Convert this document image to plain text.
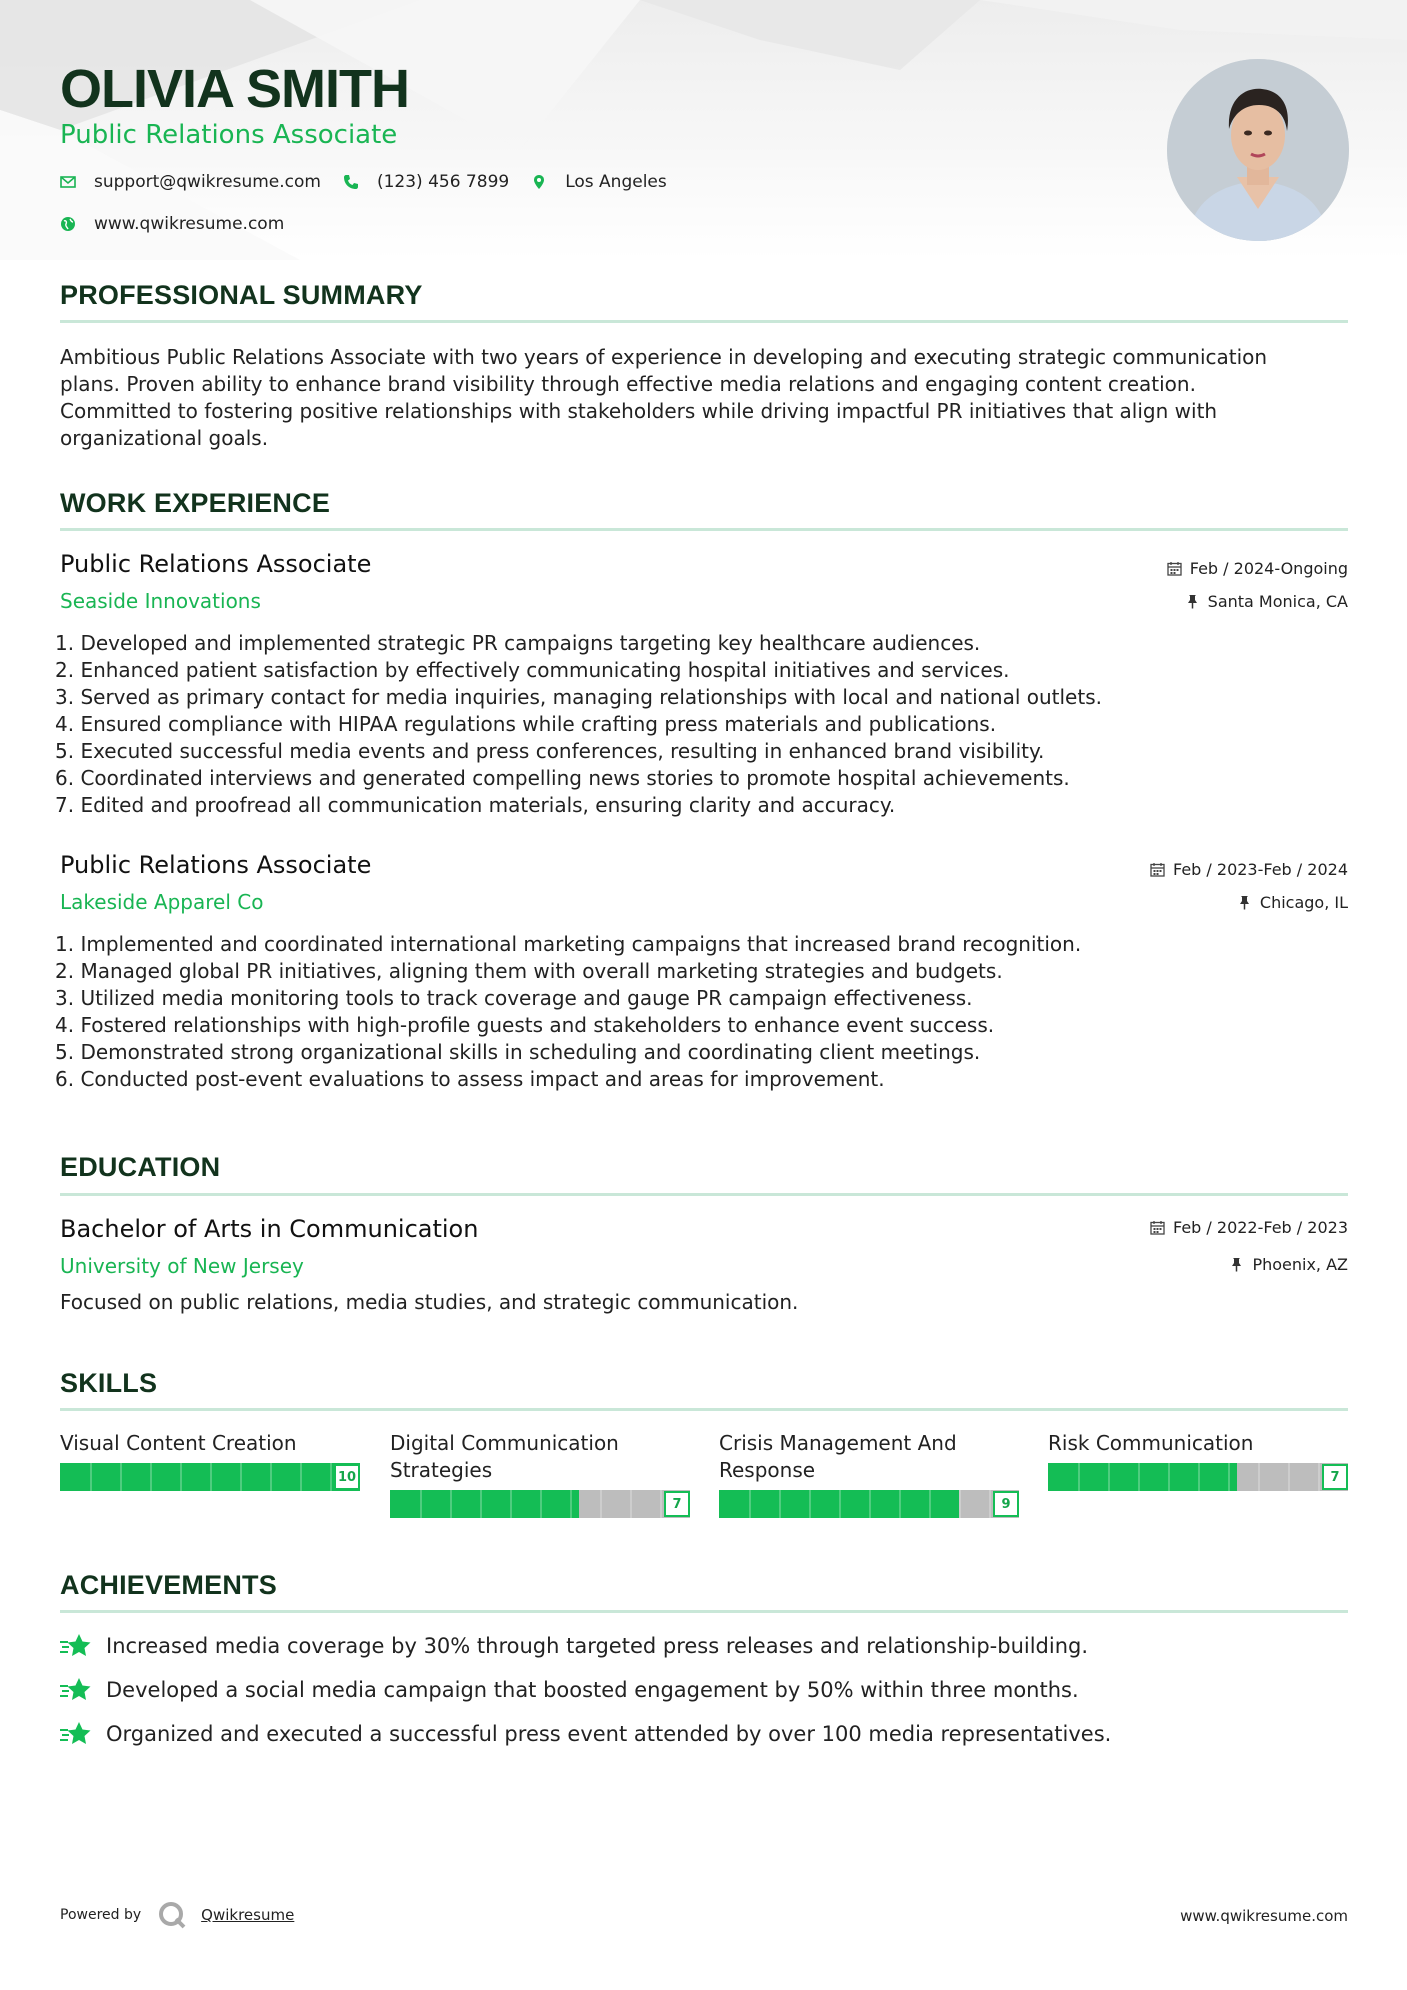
OLIVIA SMITH
Public Relations Associate
support@qwikresume.com	(123) 456 7899	Los Angeles
www.qwikresume.com
PROFESSIONAL SUMMARY
Ambitious Public Relations Associate with two years of experience in developing and executing strategic communication
plans. Proven ability to enhance brand visibility through effective media relations and engaging content creation.
Committed to fostering positive relationships with stakeholders while driving impactful PR initiatives that align with
organizational goals.
WORK EXPERIENCE
Public Relations Associate
Seaside Innovations
Feb / 2024-Ongoing
Santa Monica, CA
1. Developed and implemented strategic PR campaigns targeting key healthcare audiences.
2. Enhanced patient satisfaction by effectively communicating hospital initiatives and services.
3. Served as primary contact for media inquiries, managing relationships with local and national outlets.
4. Ensured compliance with HIPAA regulations while crafting press materials and publications.
5. Executed successful media events and press conferences, resulting in enhanced brand visibility.
6. Coordinated interviews and generated compelling news stories to promote hospital achievements.
7. Edited and proofread all communication materials, ensuring clarity and accuracy.
Public Relations Associate
Lakeside Apparel Co
Feb / 2023-Feb / 2024
Chicago, IL
1. Implemented and coordinated international marketing campaigns that increased brand recognition.
2. Managed global PR initiatives, aligning them with overall marketing strategies and budgets.
3. Utilized media monitoring tools to track coverage and gauge PR campaign effectiveness.
4. Fostered relationships with high-profile guests and stakeholders to enhance event success.
5. Demonstrated strong organizational skills in scheduling and coordinating client meetings.
6. Conducted post-event evaluations to assess impact and areas for improvement.
EDUCATION
Bachelor of Arts in Communication
University of New Jersey
Feb / 2022-Feb / 2023
Phoenix, AZ
Focused on public relations, media studies, and strategic communication.
SKILLS
Visual Content Creation
10
Digital Communication
Strategies
7
Crisis Management And
Response
9
Risk Communication
7
ACHIEVEMENTS
Increased media coverage by 30% through targeted press releases and relationship-building.
Developed a social media campaign that boosted engagement by 50% within three months.
Organized and executed a successful press event attended by over 100 media representatives.
Powered by	Qwikresume	www.qwikresume.com
